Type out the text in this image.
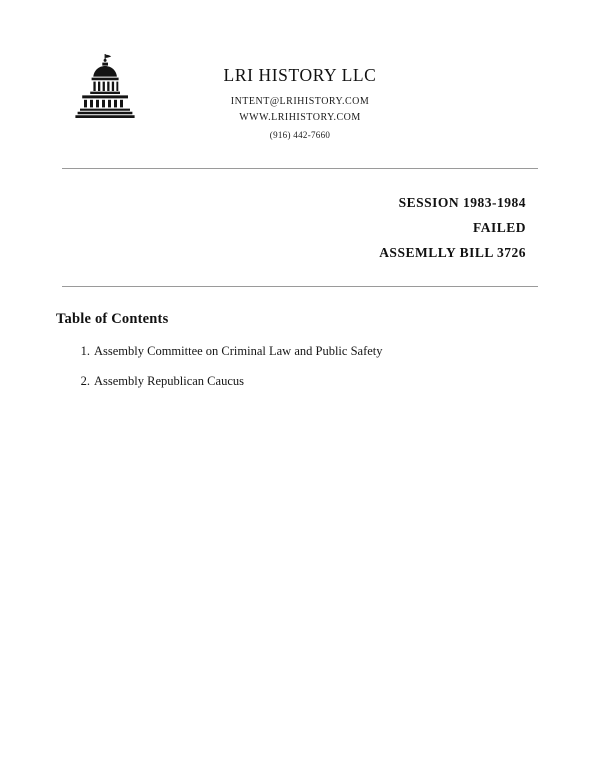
LRI HISTORY LLC
INTENT@LRIHISTORY.COM
WWW.LRIHISTORY.COM
(916) 442-7660
SESSION 1983-1984
FAILED
ASSEMLLY BILL 3726
Table of Contents
Assembly Committee on Criminal Law and Public Safety
Assembly Republican Caucus
